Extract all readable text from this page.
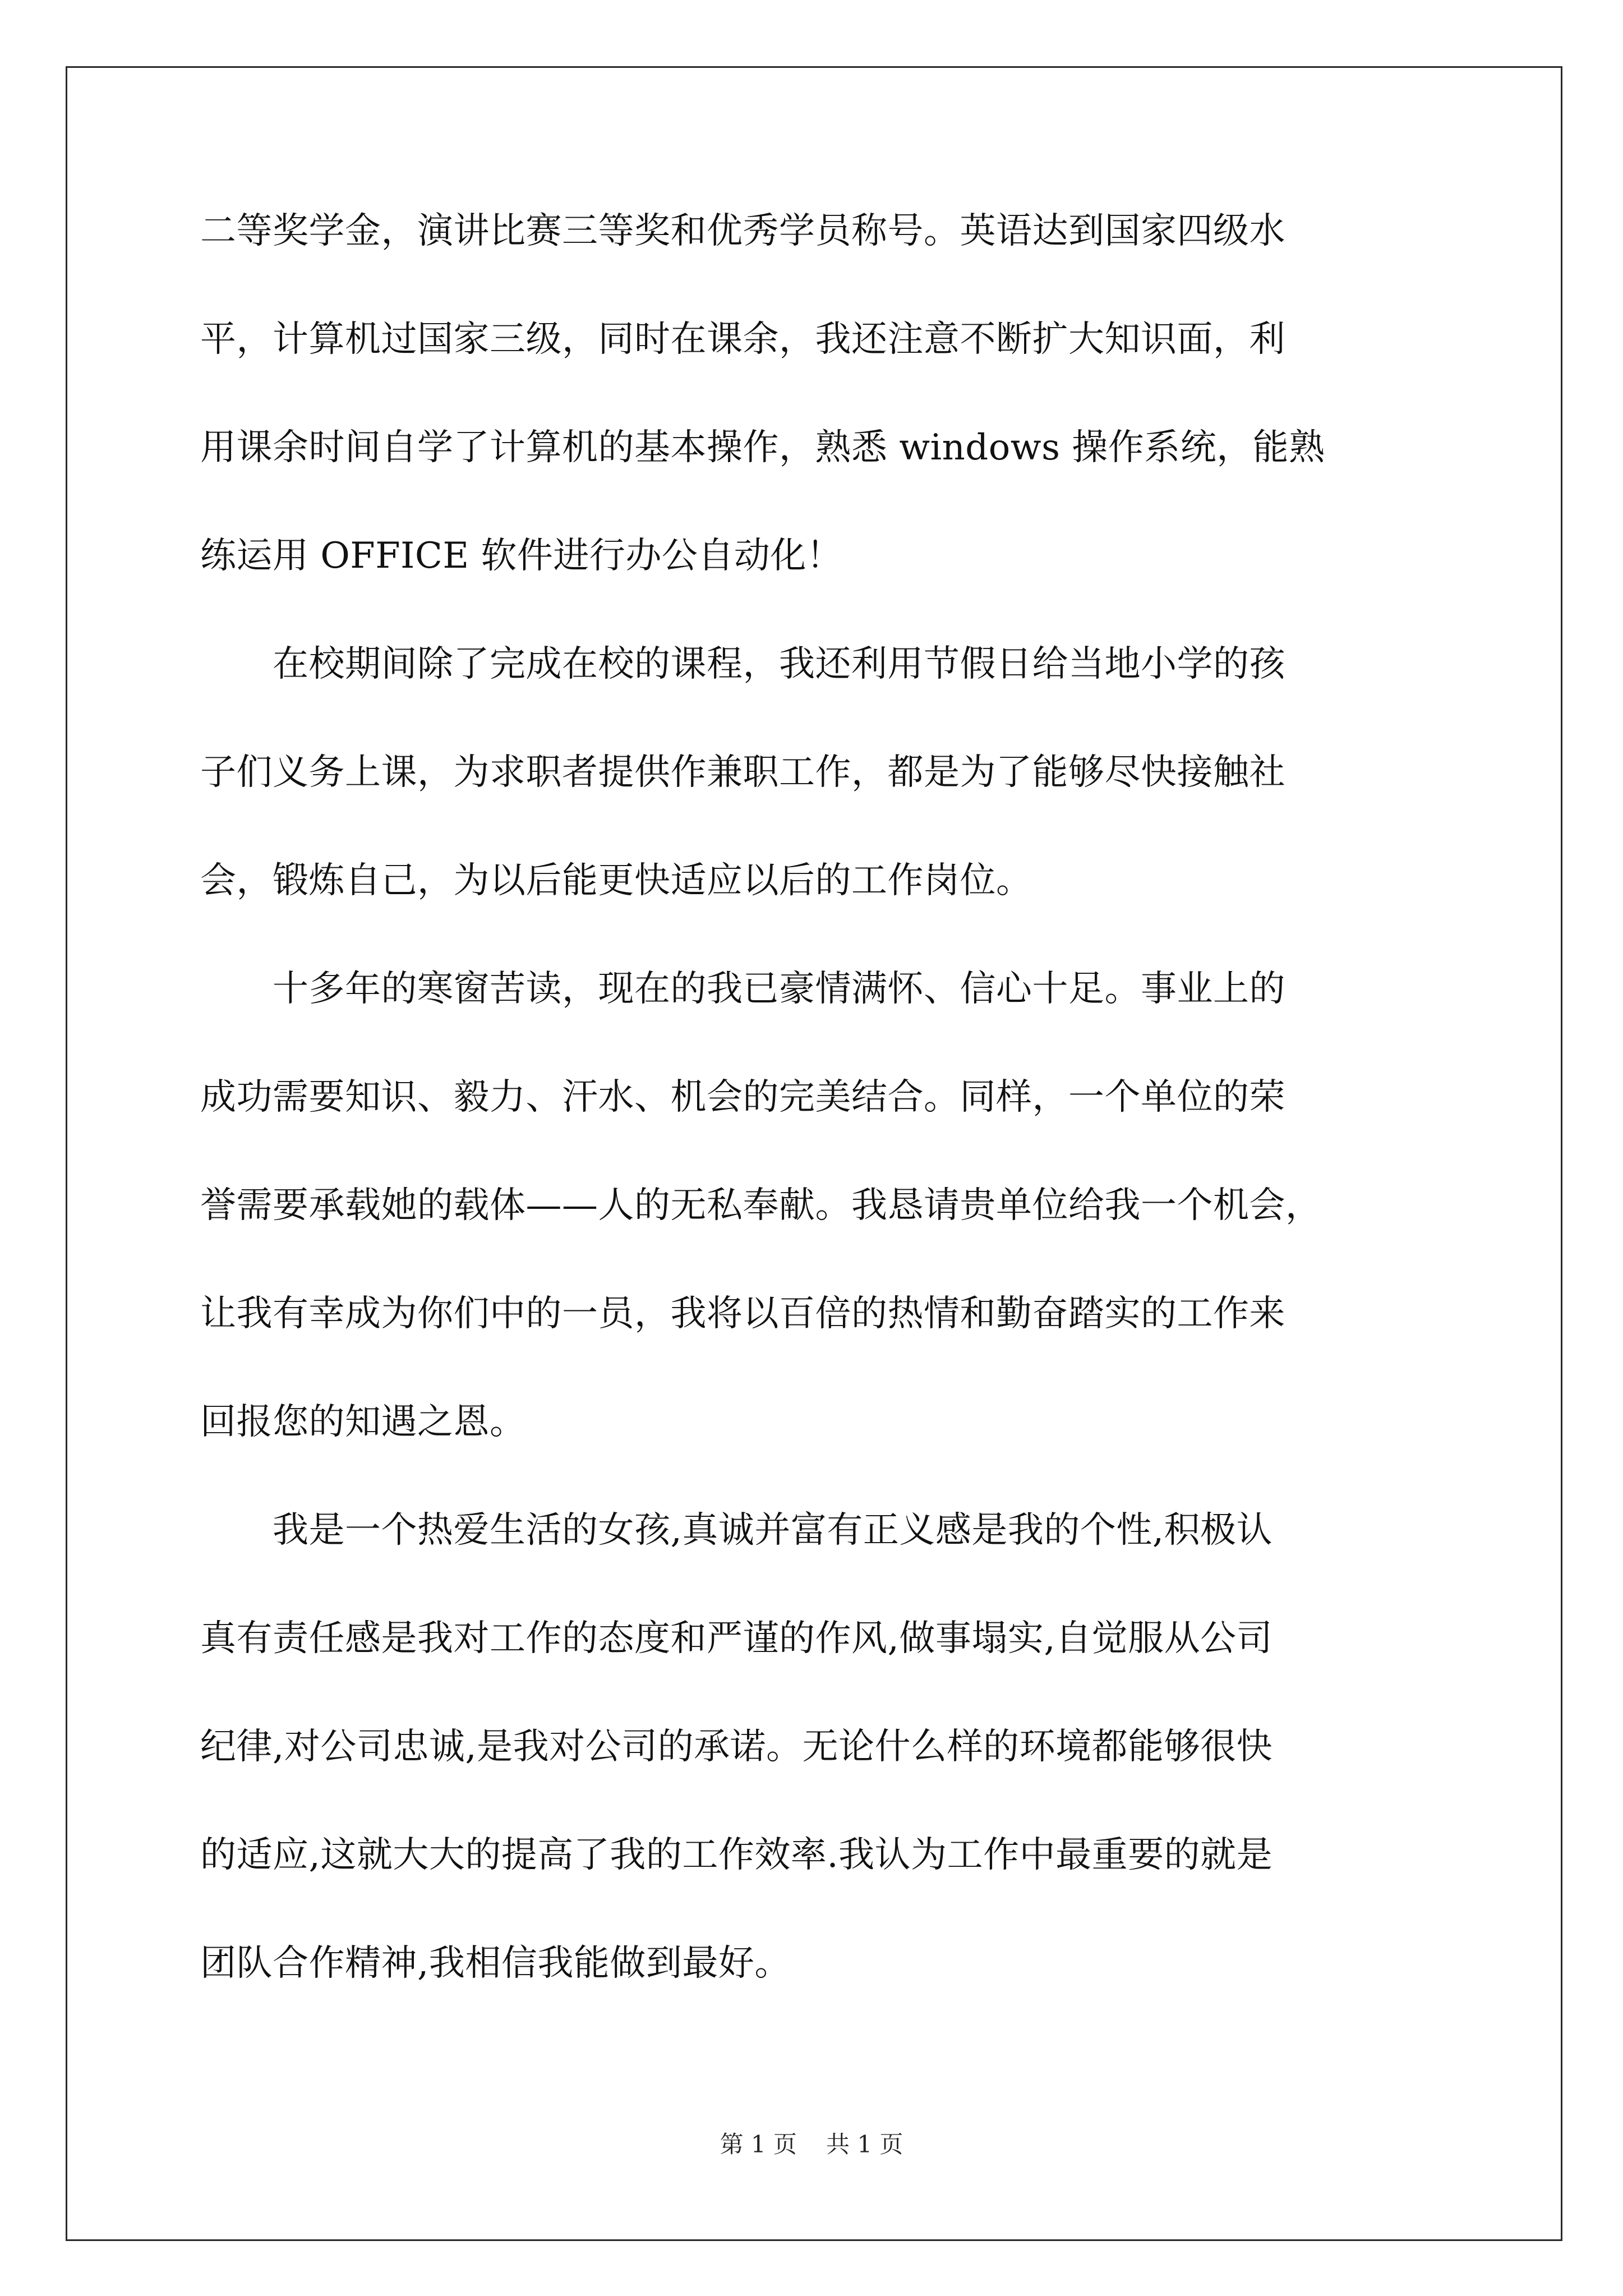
二等奖学金，演讲比赛三等奖和优秀学员称号。英语达到国家四级水
平，计算机过国家三级，同时在课余，我还注意不断扩大知识面，利
用课余时间自学了计算机的基本操作，熟悉 windows 操作系统，能熟
练运用 OFFICE 软件进行办公自动化！
　　在校期间除了完成在校的课程，我还利用节假日给当地小学的孩
子们义务上课，为求职者提供作兼职工作，都是为了能够尽快接触社
会，锻炼自己，为以后能更快适应以后的工作岗位。
　　十多年的寒窗苦读，现在的我已豪情满怀、信心十足。事业上的
成功需要知识、毅力、汗水、机会的完美结合。同样，一个单位的荣
誉需要承载她的载体——人的无私奉献。我恳请贵单位给我一个机会，
让我有幸成为你们中的一员，我将以百倍的热情和勤奋踏实的工作来
回报您的知遇之恩。
　　我是一个热爱生活的女孩,真诚并富有正义感是我的个性,积极认
真有责任感是我对工作的态度和严谨的作风,做事塌实,自觉服从公司
纪律,对公司忠诚,是我对公司的承诺。无论什么样的环境都能够很快
的适应,这就大大的提高了我的工作效率.我认为工作中最重要的就是
团队合作精神,我相信我能做到最好。
第 1 页 共 1 页
